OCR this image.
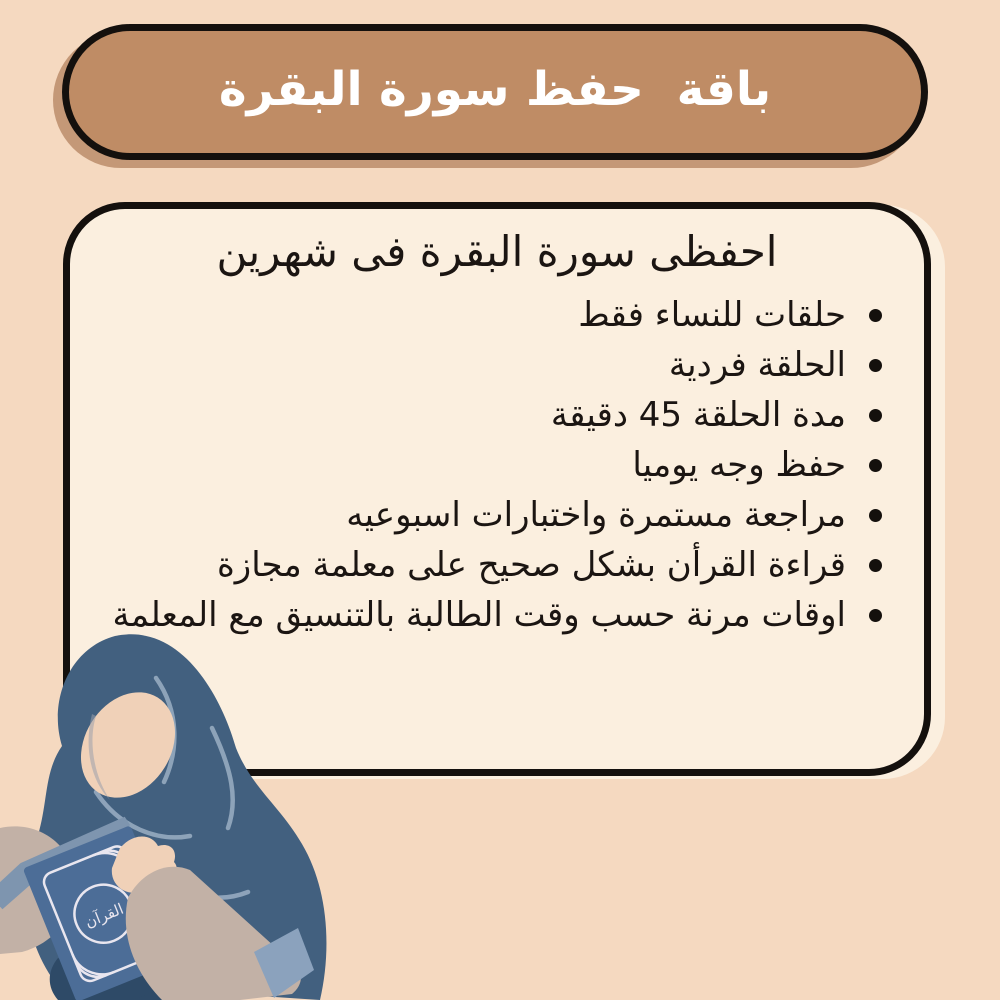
باقة  حفظ سورة البقرة
احفظى سورة البقرة فى شهرين
حلقات للنساء فقط
الحلقة فردية
مدة الحلقة 45 دقيقة
حفظ وجه يوميا
مراجعة مستمرة واختبارات اسبوعيه
قراءة القرأن بشكل صحيح على معلمة مجازة
اوقات مرنة حسب وقت الطالبة بالتنسيق مع المعلمة
القرآن
